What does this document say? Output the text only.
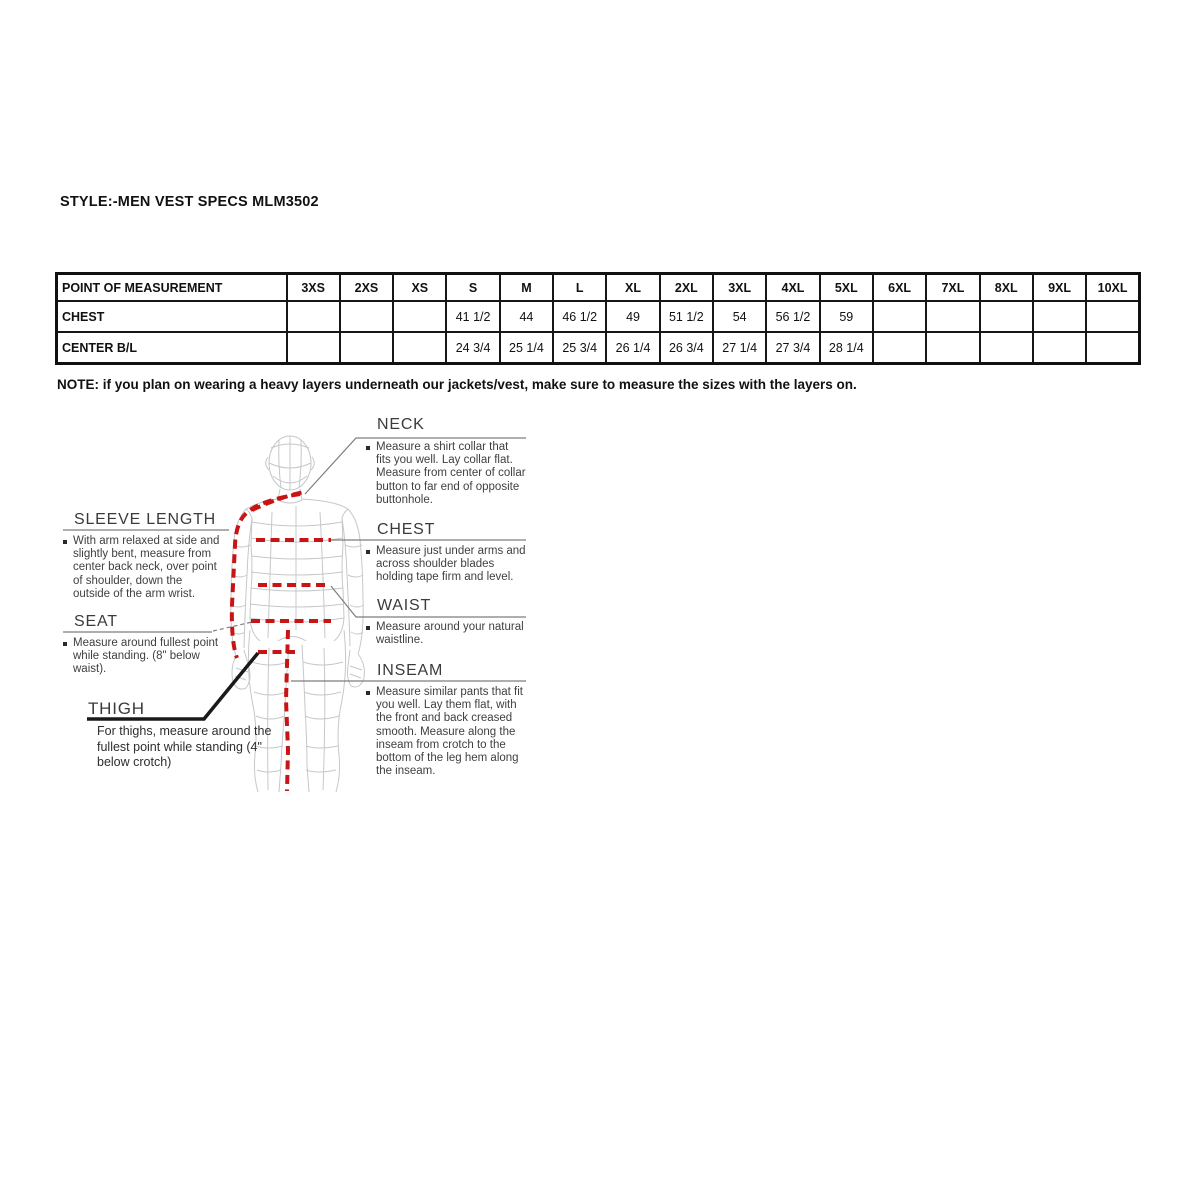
STYLE:-MEN VEST SPECS MLM3502
POINT OF MEASUREMENT	3XS	2XS	XS	S	M	L	XL	2XL	3XL	4XL	5XL	6XL	7XL	8XL	9XL	10XL
CHEST				41 1/2	44	46 1/2	49	51 1/2	54	56 1/2	59					
CENTER B/L				24 3/4	25 1/4	25 3/4	26 1/4	26 3/4	27 1/4	27 3/4	28 1/4					
NOTE: if you plan on wearing a heavy layers underneath our jackets/vest, make sure to measure the sizes with the layers on.
NECK
Measure a shirt collar that fits you well. Lay collar flat. Measure from center of collar button to far end of opposite buttonhole.
CHEST
Measure just under arms and across shoulder blades holding tape firm and level.
WAIST
Measure around your natural waistline.
INSEAM
Measure similar pants that fit you well. Lay them flat, with the front and back creased smooth. Measure along the inseam from crotch to the bottom of the leg hem along the inseam.
SLEEVE LENGTH
With arm relaxed at side and slightly bent, measure from center back neck, over point of shoulder, down the outside of the arm wrist.
SEAT
Measure around fullest point while standing. (8" below waist).
THIGH
For thighs, measure around the fullest point while standing (4" below crotch)
